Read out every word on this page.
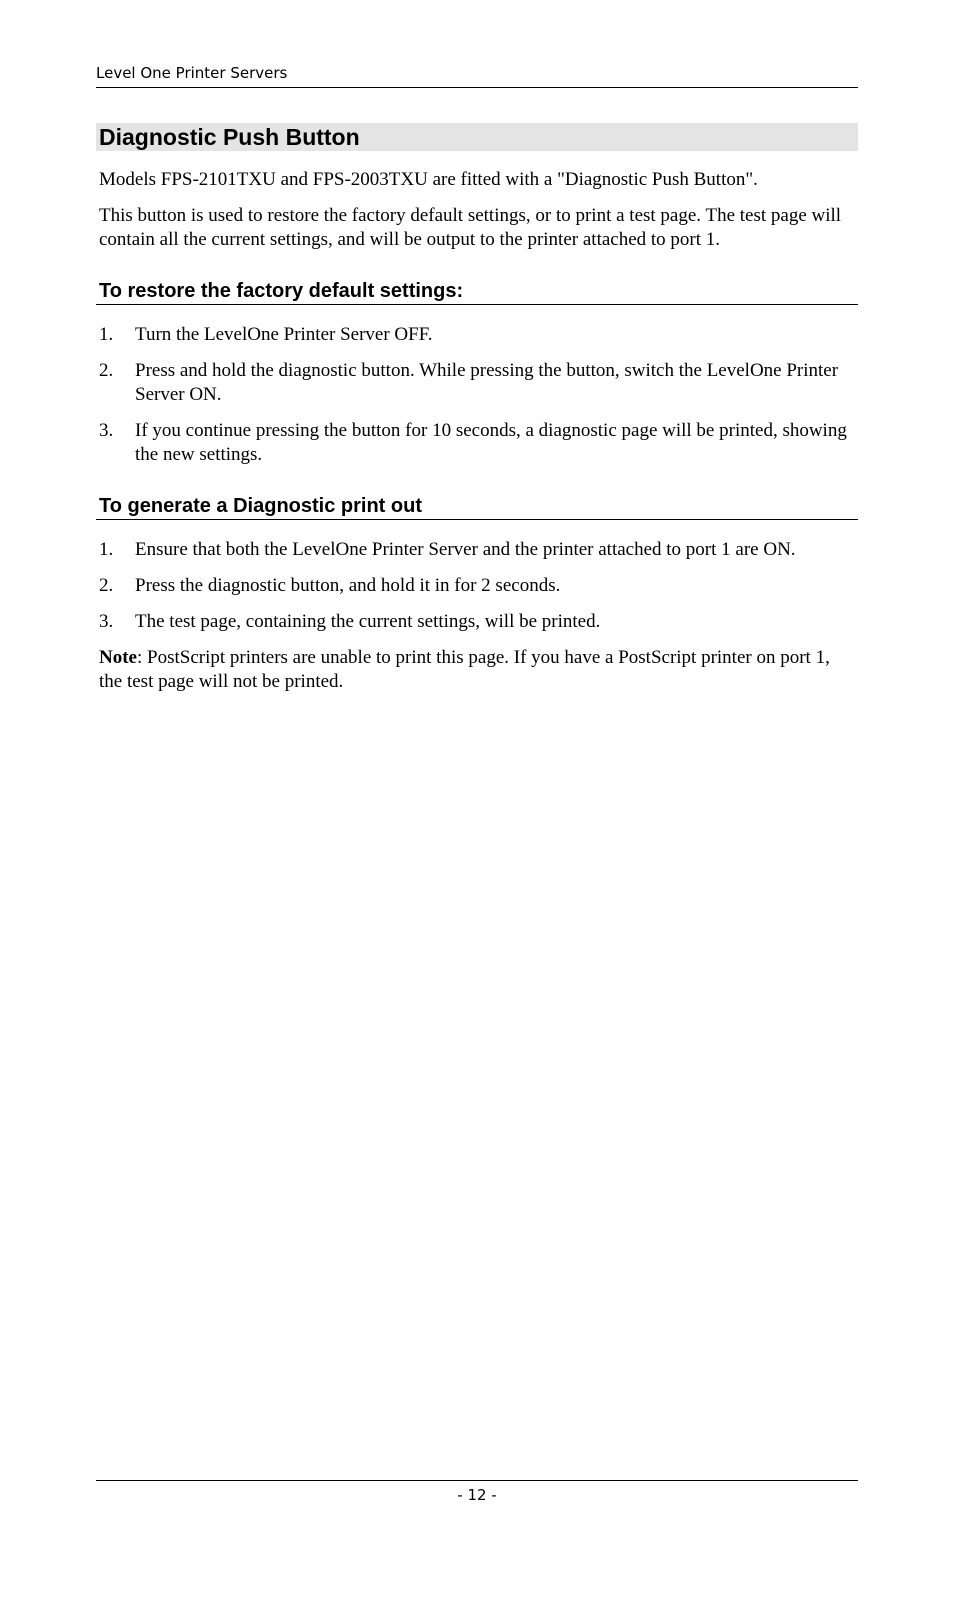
Level One Printer Servers
Diagnostic Push Button

Models FPS-2101TXU and FPS-2003TXU are fitted with a "Diagnostic Push Button".

This button is used to restore the factory default settings, or to print a test page. The test page will contain all the current settings, and will be output to the printer attached to port 1.

To restore the factory default settings:
1. Turn the LevelOne Printer Server OFF.
2. Press and hold the diagnostic button. While pressing the button, switch the LevelOne Printer Server ON.
3. If you continue pressing the button for 10 seconds, a diagnostic page will be printed, showing the new settings.
To generate a Diagnostic print out
1. Ensure that both the LevelOne Printer Server and the printer attached to port 1 are ON.
2. Press the diagnostic button, and hold it in for 2 seconds.
3. The test page, containing the current settings, will be printed.

Note: PostScript printers are unable to print this page. If you have a PostScript printer on port 1, the test page will not be printed.

- 12 -
